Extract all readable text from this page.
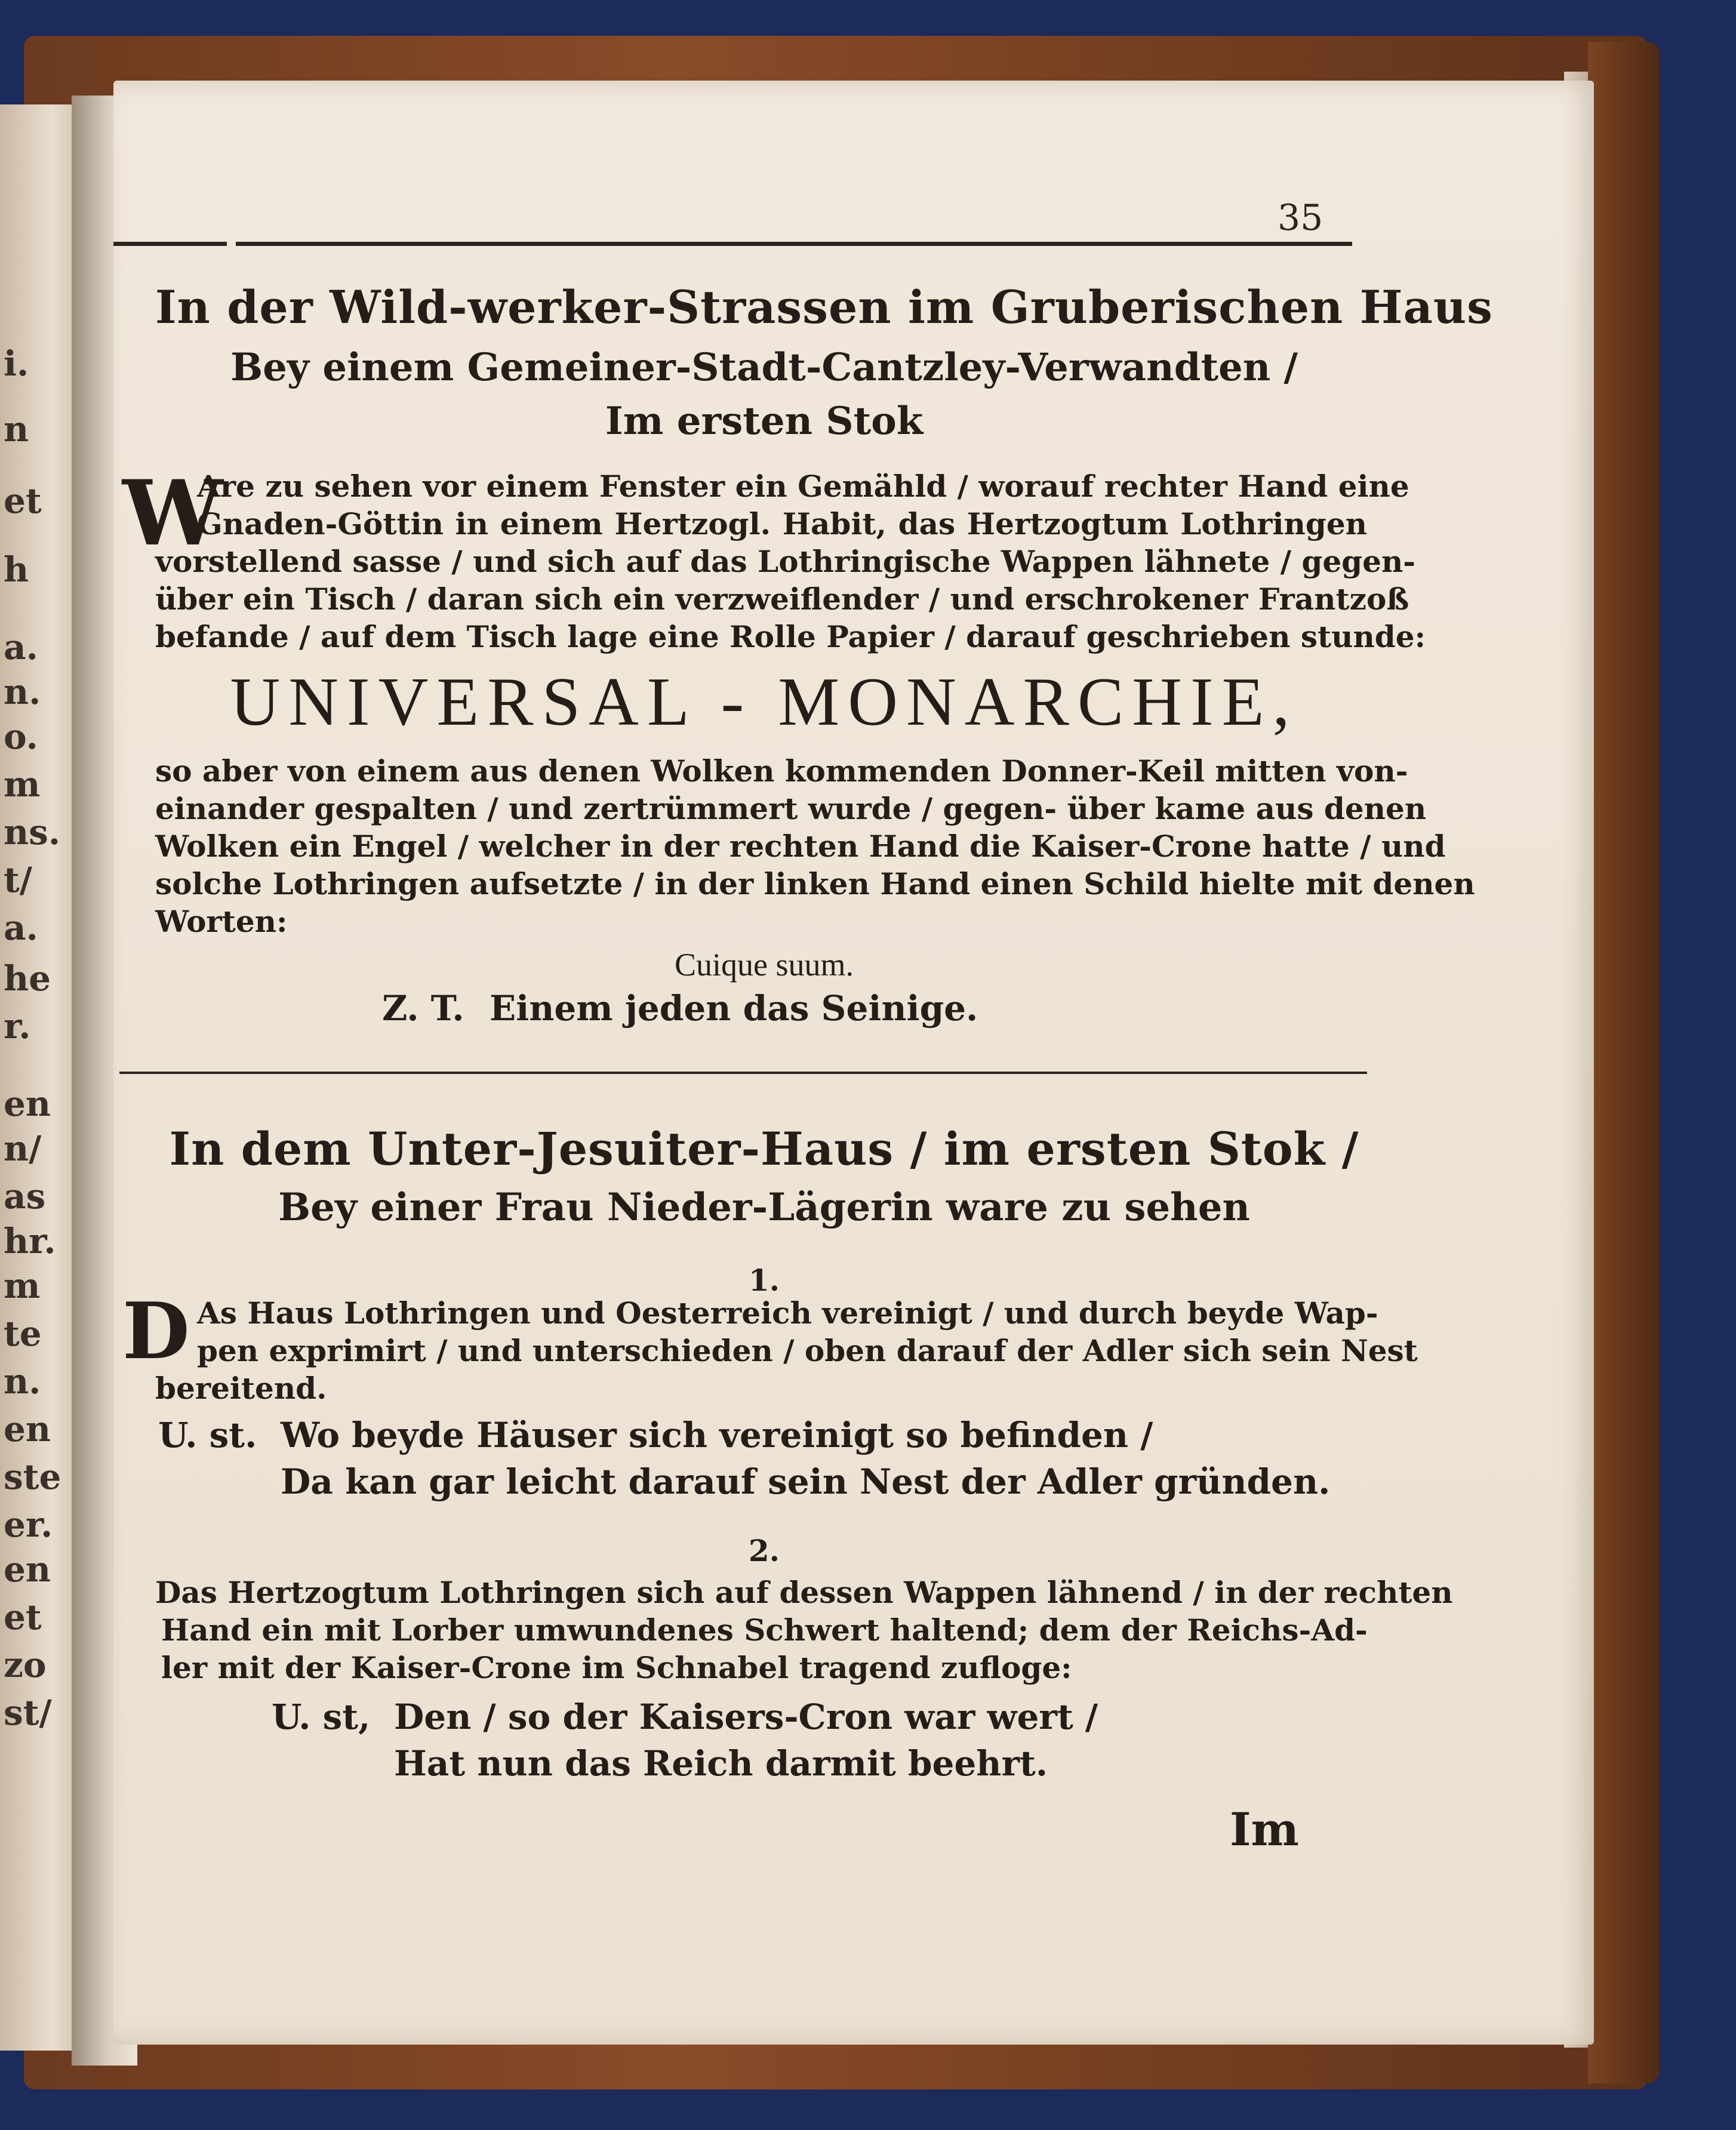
i.
n
et
h
a.
n.
o.
m
ns.
t/
a.
he
r.
en
n/
as
hr.
m
te
n.
en
ste
er.
en
et
zo
st/
35
In der Wild-werker-Strassen im Gruberischen Haus
Bey einem Gemeiner-Stadt-Cantzley-Verwandten /
Im ersten Stok
W
Are zu sehen vor einem Fenster ein Gemähld / worauf rechter Hand eine
Gnaden-Göttin in einem Hertzogl. Habit, das Hertzogtum Lothringen
vorstellend sasse / und sich auf das Lothringische Wappen lähnete / gegen-
über ein Tisch / daran sich ein verzweiflender / und erschrokener Frantzoß
befande / auf dem Tisch lage eine Rolle Papier / darauf geschrieben stunde:
UNIVERSAL - MONARCHIE,
so aber von einem aus denen Wolken kommenden Donner-Keil mitten von-
einander gespalten / und zertrümmert wurde / gegen- über kame aus denen
Wolken ein Engel / welcher in der rechten Hand die Kaiser-Crone hatte / und
solche Lothringen aufsetzte / in der linken Hand einen Schild hielte mit denen
Worten:
Cuique suum.
Z. T. Einem jeden das Seinige.
In dem Unter-Jesuiter-Haus / im ersten Stok /
Bey einer Frau Nieder-Lägerin ware zu sehen
1.
D As Haus Lothringen und Oesterreich vereinigt / und durch beyde Wap-
pen exprimirt / und unterschieden / oben darauf der Adler sich sein Nest
bereitend.
U. st. Wo beyde Häuser sich vereinigt so befinden /
Da kan gar leicht darauf sein Nest der Adler gründen.
2.
Das Hertzogtum Lothringen sich auf dessen Wappen lähnend / in der rechten
Hand ein mit Lorber umwundenes Schwert haltend; dem der Reichs-Ad-
ler mit der Kaiser-Crone im Schnabel tragend zufloge:
U. st, Den / so der Kaisers-Cron war wert /
Hat nun das Reich darmit beehrt.
Im
